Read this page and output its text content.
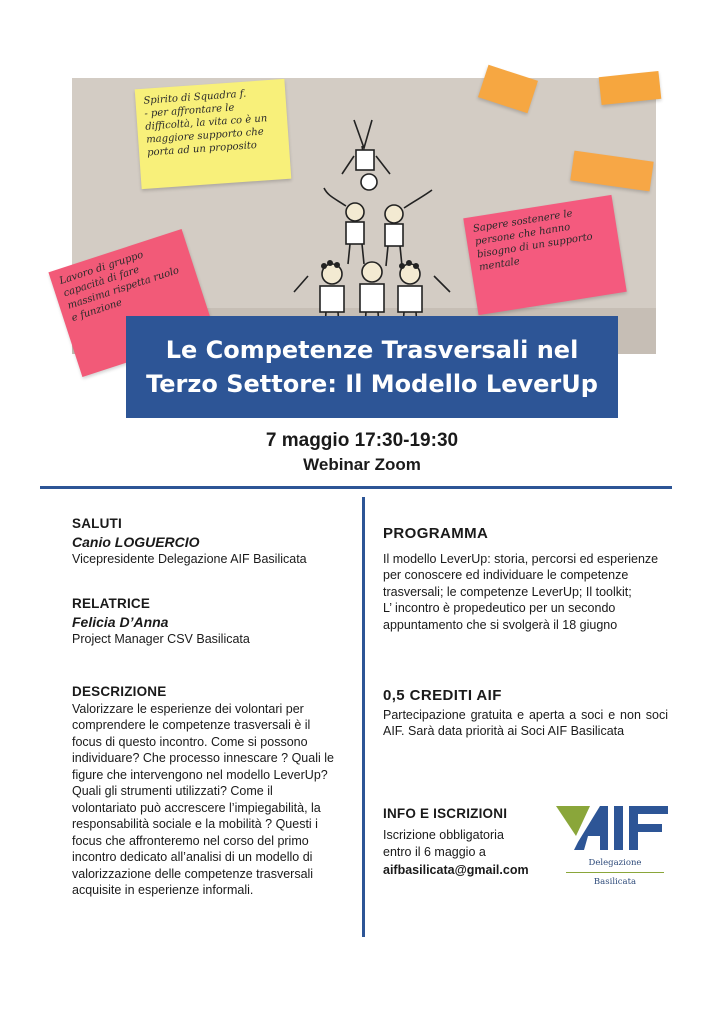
Spirito di Squadra f.
- per affrontare le difficoltà, la vita co è un maggiore supporto che porta ad un proposito
Lavoro di gruppo capacità di fare massima rispetta ruolo e funzione
Sapere sostenere le persone che hanno bisogno di un supporto mentale
Le Competenze Trasversali nel
Terzo Settore: Il Modello LeverUp
7 maggio 17:30-19:30
Webinar Zoom
SALUTI
Canio LOGUERCIO
Vicepresidente Delegazione AIF Basilicata
RELATRICE
Felicia D’Anna
Project Manager CSV Basilicata
DESCRIZIONE

Valorizzare le esperienze dei volontari per comprendere le competenze trasversali è il focus di questo incontro. Come si possono individuare? Che processo innescare ? Quali le figure che intervengono nel modello LeverUp? Quali gli strumenti utilizzati? Come il volontariato può accrescere l’impiegabilità, la responsabilità sociale e la mobilità ? Questi i focus che affronteremo nel corso del primo incontro dedicato all’analisi di un modello di valorizzazione delle competenze trasversali acquisite in esperienze informali.

PROGRAMMA

Il modello LeverUp: storia, percorsi ed esperienze per conoscere ed individuare le competenze trasversali; le competenze LeverUp; Il toolkit;
L’ incontro è propedeutico per un secondo appuntamento che si svolgerà il 18 giugno

0,5 CREDITI AIF

Partecipazione gratuita e aperta a soci e non soci AIF. Sarà data priorità ai Soci AIF Basilicata

INFO E ISCRIZIONI
Iscrizione obbligatoria
entro il 6 maggio a
aifbasilicata@gmail.com	Delegazione
Basilicata
